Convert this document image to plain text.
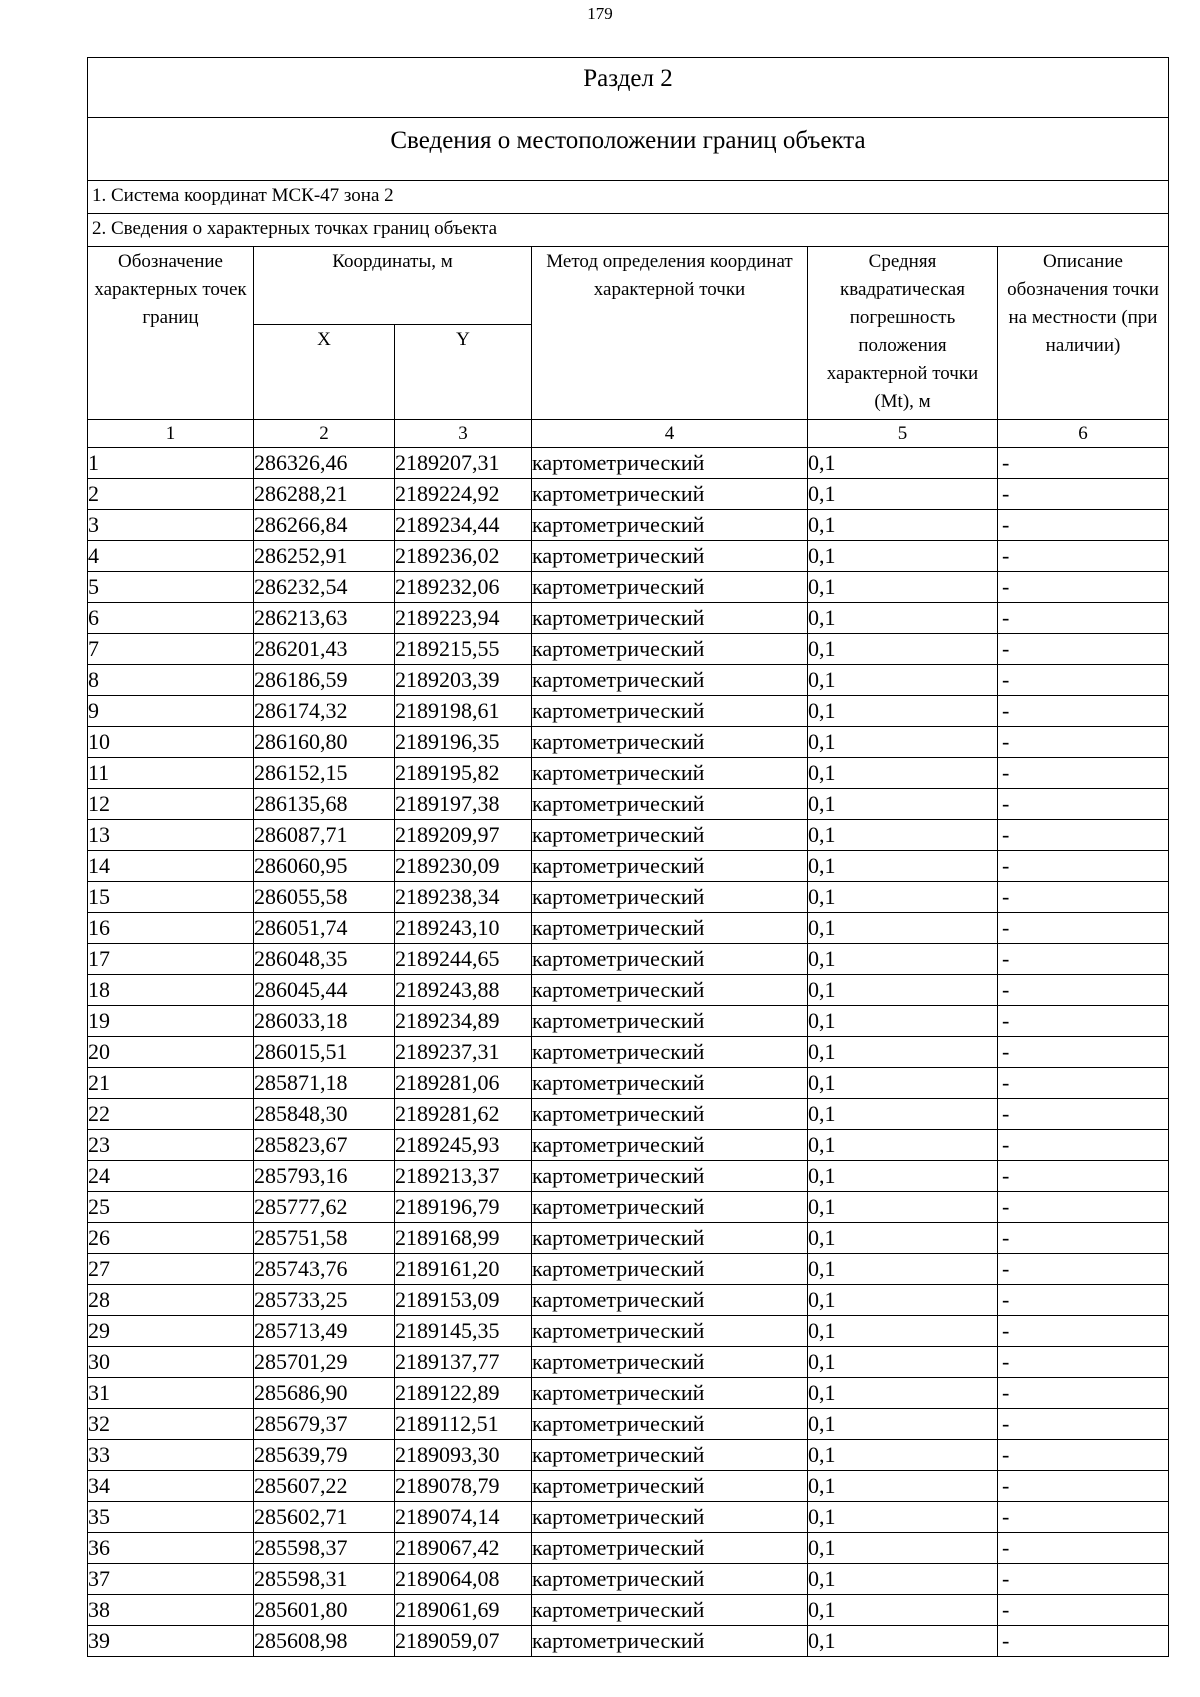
179
Раздел 2					
Сведения о местоположении границ объекта					
1. Система координат МСК-47 зона 2					
2. Сведения о характерных точках границ объекта					
Обозначение характерных точек границ	Координаты, м		Метод определения координат характерной точки	Средняя квадратическая погрешность положения характерной точки (Mt), м	Описание обозначения точки на местности (при наличии)
	X	Y			
1	2	3	4	5	6
1	286326,46	2189207,31	картометрический	0,1	-
2	286288,21	2189224,92	картометрический	0,1	-
3	286266,84	2189234,44	картометрический	0,1	-
4	286252,91	2189236,02	картометрический	0,1	-
5	286232,54	2189232,06	картометрический	0,1	-
6	286213,63	2189223,94	картометрический	0,1	-
7	286201,43	2189215,55	картометрический	0,1	-
8	286186,59	2189203,39	картометрический	0,1	-
9	286174,32	2189198,61	картометрический	0,1	-
10	286160,80	2189196,35	картометрический	0,1	-
11	286152,15	2189195,82	картометрический	0,1	-
12	286135,68	2189197,38	картометрический	0,1	-
13	286087,71	2189209,97	картометрический	0,1	-
14	286060,95	2189230,09	картометрический	0,1	-
15	286055,58	2189238,34	картометрический	0,1	-
16	286051,74	2189243,10	картометрический	0,1	-
17	286048,35	2189244,65	картометрический	0,1	-
18	286045,44	2189243,88	картометрический	0,1	-
19	286033,18	2189234,89	картометрический	0,1	-
20	286015,51	2189237,31	картометрический	0,1	-
21	285871,18	2189281,06	картометрический	0,1	-
22	285848,30	2189281,62	картометрический	0,1	-
23	285823,67	2189245,93	картометрический	0,1	-
24	285793,16	2189213,37	картометрический	0,1	-
25	285777,62	2189196,79	картометрический	0,1	-
26	285751,58	2189168,99	картометрический	0,1	-
27	285743,76	2189161,20	картометрический	0,1	-
28	285733,25	2189153,09	картометрический	0,1	-
29	285713,49	2189145,35	картометрический	0,1	-
30	285701,29	2189137,77	картометрический	0,1	-
31	285686,90	2189122,89	картометрический	0,1	-
32	285679,37	2189112,51	картометрический	0,1	-
33	285639,79	2189093,30	картометрический	0,1	-
34	285607,22	2189078,79	картометрический	0,1	-
35	285602,71	2189074,14	картометрический	0,1	-
36	285598,37	2189067,42	картометрический	0,1	-
37	285598,31	2189064,08	картометрический	0,1	-
38	285601,80	2189061,69	картометрический	0,1	-
39	285608,98	2189059,07	картометрический	0,1	-
